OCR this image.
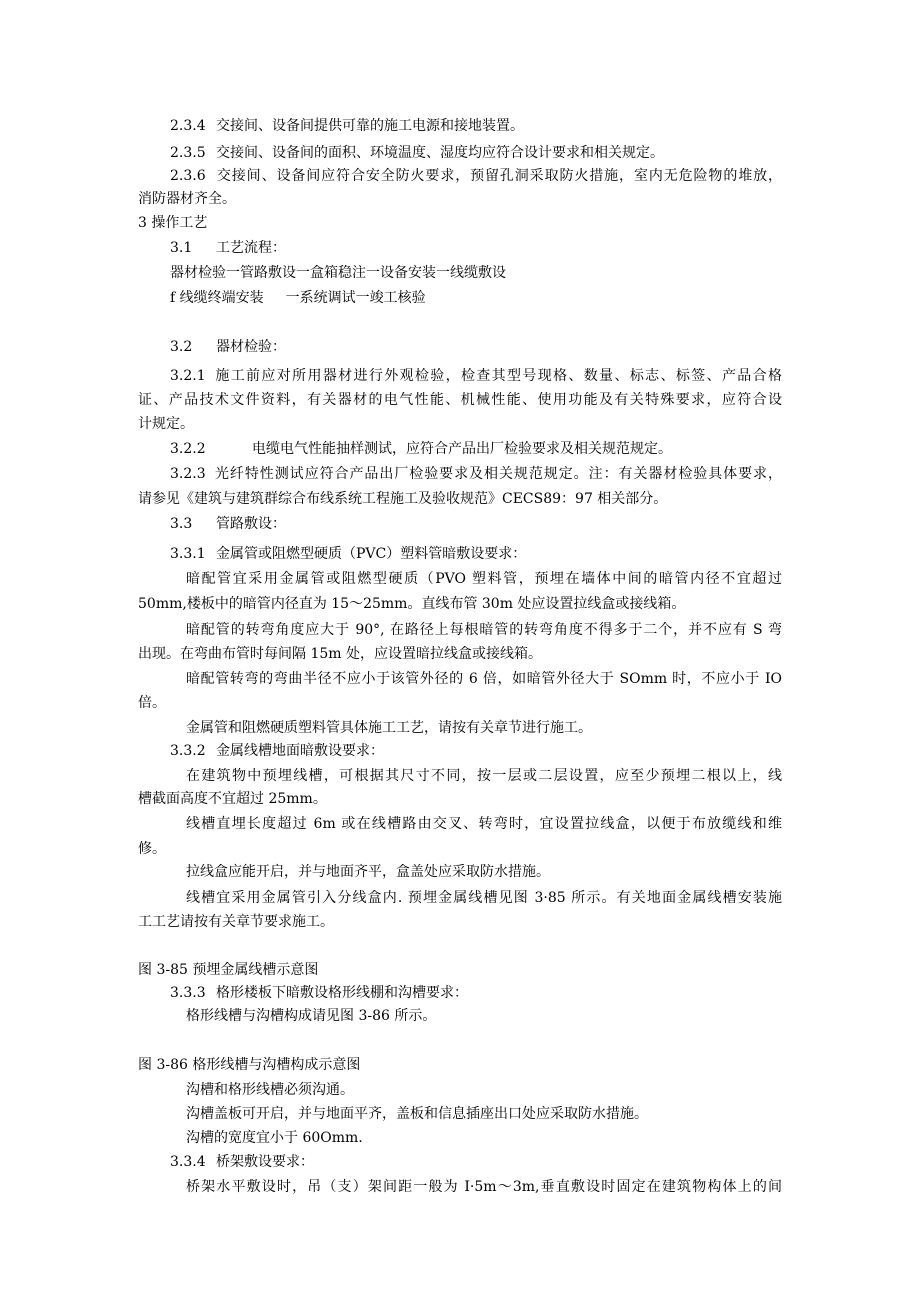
2.3.4 交接间、设备间提供可靠的施工电源和接地装置。
2.3.5 交接间、设备间的面积、环境温度、湿度均应符合设计要求和相关规定。
2.3.6 交接间、设备间应符合安全防火要求，预留孔洞采取防火措施，室内无危险物的堆放，
消防器材齐全。
3 操作工艺
3.1 工艺流程：
器材检验一管路敷设一盒箱稳注一设备安装一线缆敷设
f 线缆终端安装 一系统调试一竣工核验
3.2 器材检验：
3.2.1 施工前应对所用器材进行外观检验，检查其型号现格、数量、标志、标签、产品合格
证、产品技术文件资料，有关器材的电气性能、机械性能、使用功能及有关特殊要求，应符合设
计规定。
3.2.2	电缆电气性能抽样测试，应符合产品出厂检验要求及相关规范规定。
3.2.3 光纤特性测试应符合产品出厂检验要求及相关规范规定。注：有关器材检验具体要求，
请参见《建筑与建筑群综合布线系统工程施工及验收规范》CECS89：97 相关部分。
3.3 管路敷设：
3.3.1 金属管或阻燃型硬质（PVC）塑料管暗敷设要求：
暗配管宜采用金属管或阻燃型硬质（PVO 塑料管，预埋在墙体中间的暗管内径不宜超过
50mm,楼板中的暗管内径直为 15〜25mm。直线布管 30m 处应设置拉线盒或接线箱。
暗配管的转弯角度应大于 90°, 在路径上每根暗管的转弯角度不得多于二个，并不应有 S 弯
出现。在弯曲布管时每间隔 15m 处，应设置暗拉线盒或接线箱。
暗配管转弯的弯曲半径不应小于该管外径的 6 倍，如暗管外径大于 SOmm 时，不应小于 IO
倍。
金属管和阻燃硬质塑料管具体施工工艺，请按有关章节进行施工。
3.3.2 金属线槽地面暗敷设要求：
在建筑物中预埋线槽，可根据其尺寸不同，按一层或二层设置，应至少预埋二根以上，线
槽截面高度不宜超过 25mm。
线槽直埋长度超过 6m 或在线槽路由交叉、转弯时，宜设置拉线盒，以便于布放缆线和维
修。
拉线盒应能开启，并与地面齐平，盒盖处应采取防水措施。
线槽宜采用金属管引入分线盒内. 预埋金属线槽见图 3·85 所示。有关地面金属线槽安装施
工工艺请按有关章节要求施工。
图 3-85 预埋金属线槽示意图
3.3.3 格形楼板下暗敷设格形线棚和沟槽要求：
格形线槽与沟槽构成请见图 3-86 所示。
图 3-86 格形线槽与沟槽构成示意图
沟槽和格形线槽必须沟通。
沟槽盖板可开启，并与地面平齐，盖板和信息插座出口处应采取防水措施。
沟槽的宽度宜小于 60Omm.
3.3.4 桥架敷设要求：
桥架水平敷设时，吊（支）架间距一般为 I·5m〜3m,垂直敷设时固定在建筑物构体上的间
